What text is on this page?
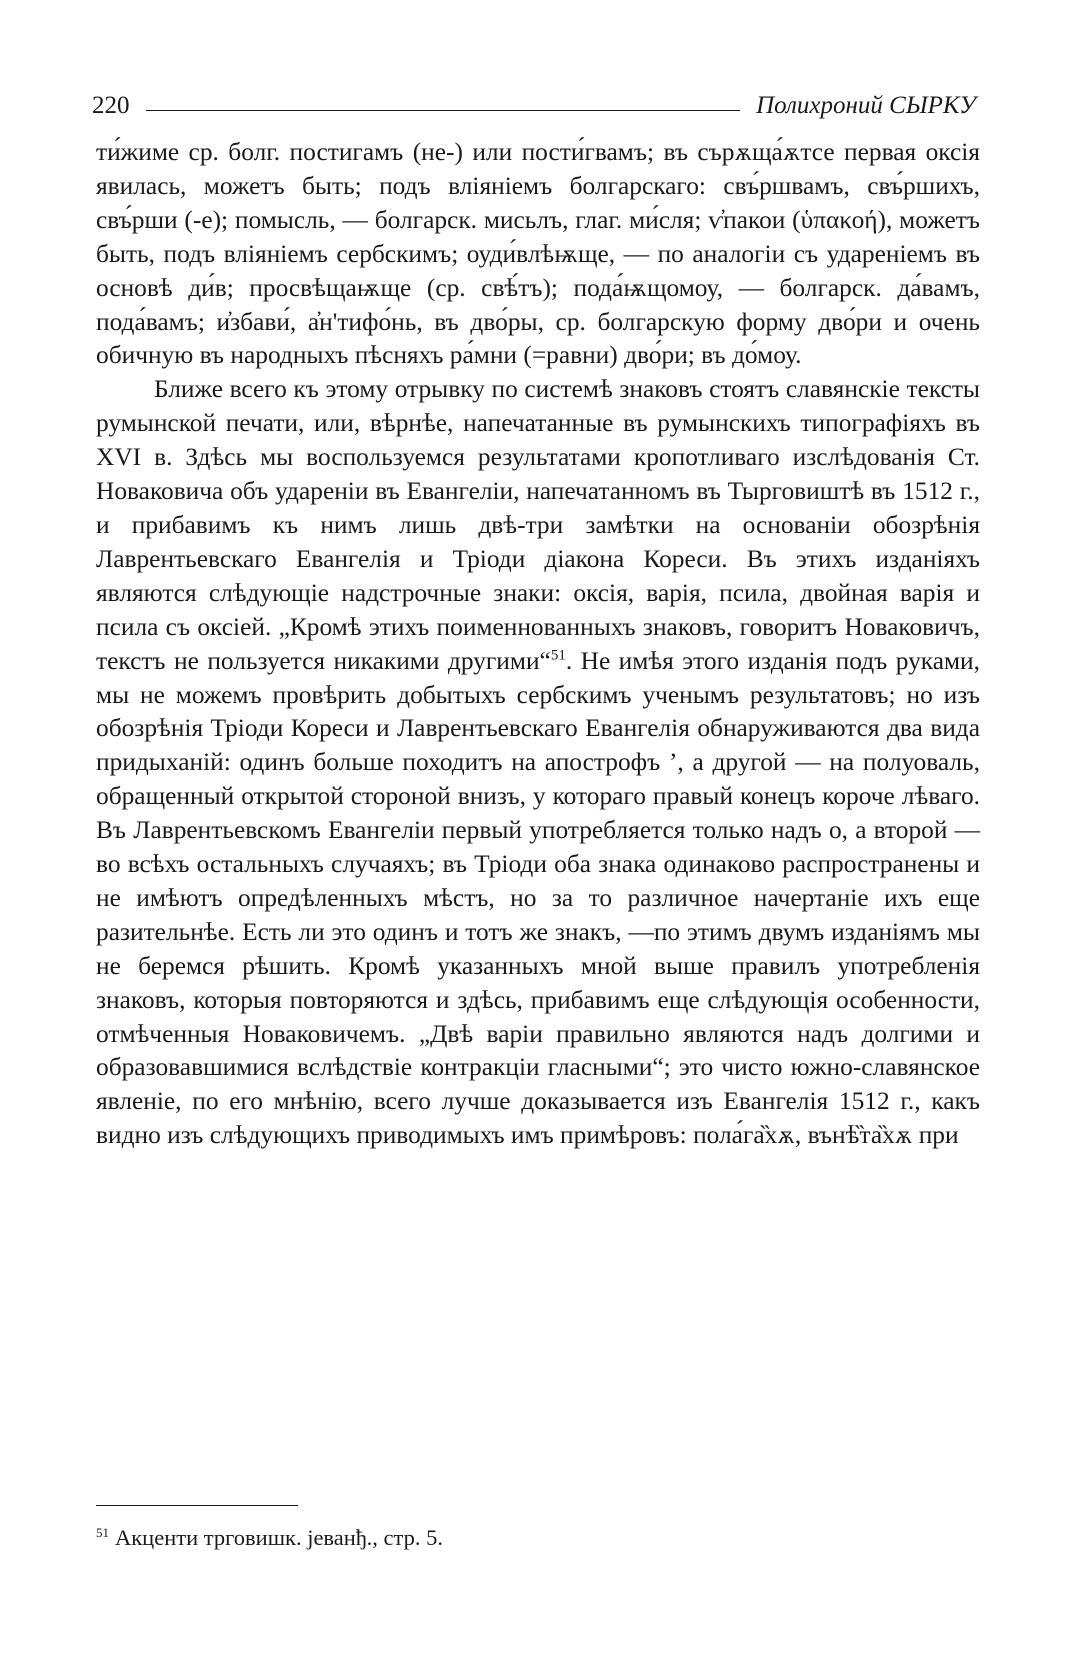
220	Полихроний СЫРКУ

ти́жиме ср. болг. постигамъ (не-) или пости́гвамъ; въ сърѫща́ѫтсе первая оксія явилась, можетъ быть; подъ вліяніемъ болгарскаго: свъ́ршвамъ, свъ́ршихъ, свъ́рши (-е); помысль, — болгарск. мисьлъ, глаг. ми́сля; ѵ̓пакои (ὑπακοή), можетъ быть, подъ вліяніемъ сербскимъ; оуди́влѣѭще, — по аналогіи съ удареніемъ въ основѣ ди́в; просвѣщаѭще (ср. свѣ́тъ); пода́ѭщомоу, — болгарск. да́вамъ, пода́вамъ; и̓збави́, а̓н'тифо́нь, въ дво́ры, ср. болгарскую форму дво́ри и очень обичную въ народныхъ пѣсняхъ ра́мни (=равни) дво́ри; въ до́моу.

Ближе всего къ этому отрывку по системѣ знаковъ стоятъ славянскіе тексты румынской печати, или, вѣрнѣе, напечатанные въ румынскихъ типографіяхъ въ XVI в. Здѣсь мы воспользуемся результатами кропотливаго изслѣдованія Ст. Новаковича объ удареніи въ Евангеліи, напечатанномъ въ Тырговиштѣ въ 1512 г., и прибавимъ къ нимъ лишь двѣ-три замѣтки на основаніи обозрѣнія Лаврентьевскаго Евангелія и Тріоди діакона Кореси. Въ этихъ изданіяхъ являются слѣдующіе надстрочные знаки: оксія, варія, псила, двойная варія и псила съ оксіей. „Кромѣ этихъ поименнованныхъ знаковъ, говоритъ Новаковичъ, текстъ не пользуется никакими другими“$^{51}$. Не имѣя этого изданія подъ руками, мы не можемъ провѣрить добытыхъ сербскимъ ученымъ результатовъ; но изъ обозрѣнія Тріоди Кореси и Лаврентьевскаго Евангелія обнаруживаются два вида придыханій: одинъ больше походитъ на апострофъ ’, а другой — на полуоваль, обращенный открытой стороной внизъ, у котораго правый конецъ короче лѣваго. Въ Лаврентьевскомъ Евангеліи первый употребляется только надъ о, а второй — во всѣхъ остальныхъ случаяхъ; въ Тріоди оба знака одинаково распространены и не имѣютъ опредѣленныхъ мѣстъ, но за то различное начертаніе ихъ еще разительнѣе. Есть ли это одинъ и тотъ же знакъ, —по этимъ двумъ изданіямъ мы не беремся рѣшить. Кромѣ указанныхъ мной выше правилъ употребленія знаковъ, которыя повторяются и здѣсь, прибавимъ еще слѣдующія особенности, отмѣченныя Новаковичемъ. „Двѣ варіи правильно являются надъ долгими и образовавшимися вслѣдствіе контракціи гласными“; это чисто южно-славянское явленіе, по его мнѣнію, всего лучше доказывается изъ Евангелія 1512 г., какъ видно изъ слѣдующихъ приводимыхъ имъ примѣровъ: пола́га̏хѫ, вънѣ̏та̏хѫ при

$^{51}$ Акценти трговишк. јеванђ., стр. 5.
